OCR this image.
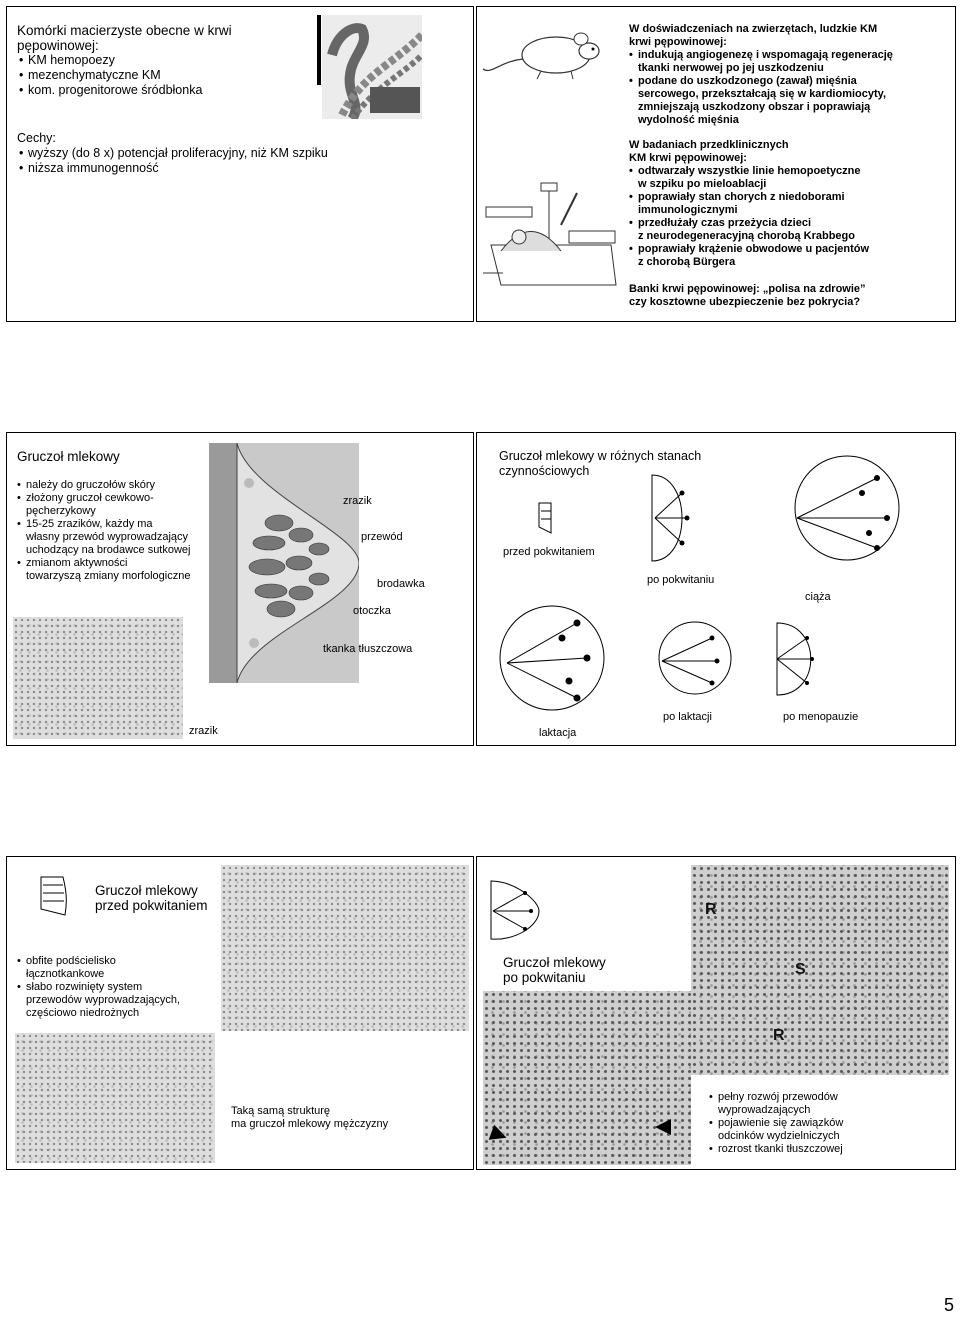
Komórki macierzyste obecne w krwi pępowinowej:
• KM hemopoezy
• mezenchymatyczne KM
• kom. progenitorowe śródbłonka
Cechy:
• wyższy (do 8 x) potencjał proliferacyjny, niż KM szpiku
• niższa immunogenność
W doświadczeniach na zwierzętach, ludzkie KM
krwi pępowinowej:
• indukują angiogenezę i wspomagają regenerację
tkanki nerwowej po jej uszkodzeniu
• podane do uszkodzonego (zawał) mięśnia
sercowego, przekształcają się w kardiomiocyty,
zmniejszają uszkodzony obszar i poprawiają
wydolność mięśnia
W badaniach przedklinicznych
KM krwi pępowinowej:
• odtwarzały wszystkie linie hemopoetyczne
w szpiku po mieloablacji
• poprawiały stan chorych z niedoborami
immunologicznymi
• przedłużały czas przeżycia dzieci
z neurodegeneracyjną chorobą Krabbego
• poprawiały krążenie obwodowe u pacjentów
z chorobą Bürgera
Banki krwi pępowinowej: „polisa na zdrowie”
czy kosztowne ubezpieczenie bez pokrycia?
Gruczoł mlekowy
• należy do gruczołów skóry
• złożony gruczoł cewkowo-
pęcherzykowy
• 15-25 zrazików, każdy ma
własny przewód wyprowadzający
uchodzący na brodawce sutkowej
• zmianom aktywności
towarzyszą zmiany morfologiczne
zrazik
przewód
brodawka
otoczka
tkanka tłuszczowa
zrazik
Gruczoł mlekowy w różnych stanach
czynnościowych
przed pokwitaniem
po pokwitaniu
ciąża
laktacja
po laktacji	po menopauzie
Gruczoł mlekowy
przed pokwitaniem
• obfite podścielisko
łącznotkankowe
• słabo rozwinięty system
przewodów wyprowadzających,
częściowo niedrożnych
Taką samą strukturę
ma gruczoł mlekowy mężczyzny
R
S
R
Gruczoł mlekowy
po pokwitaniu
• pełny rozwój przewodów
wyprowadzających
• pojawienie się zawiązków
odcinków wydzielniczych
• rozrost tkanki tłuszczowej
5
